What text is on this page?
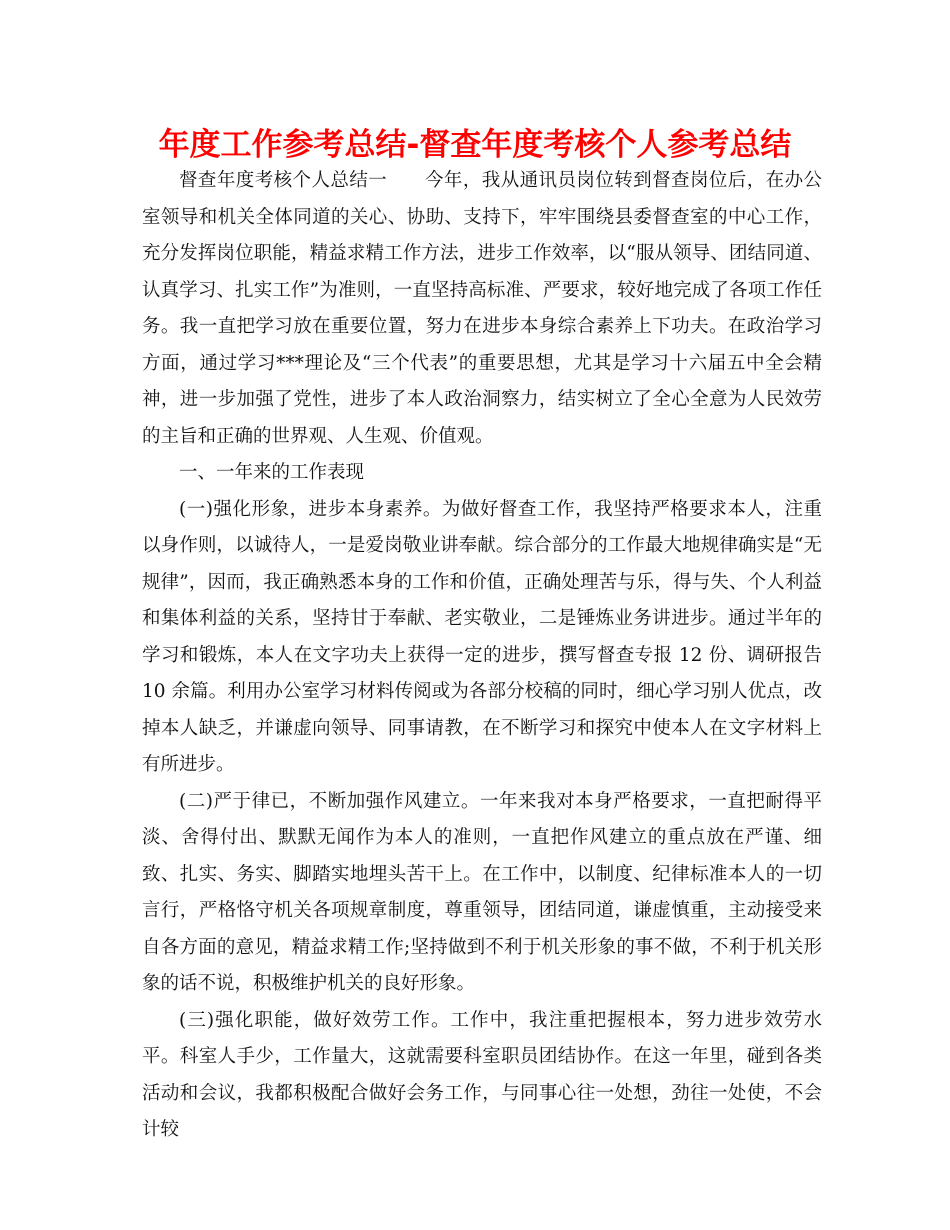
年度工作参考总结-督查年度考核个人参考总结

督查年度考核个人总结一　　今年，我从通讯员岗位转到督查岗位后，在办公室领导和机关全体同道的关心、协助、支持下，牢牢围绕县委督查室的中心工作，充分发挥岗位职能，精益求精工作方法，进步工作效率，以“服从领导、团结同道、认真学习、扎实工作”为准则，一直坚持高标准、严要求，较好地完成了各项工作任务。我一直把学习放在重要位置，努力在进步本身综合素养上下功夫。在政治学习方面，通过学习***理论及“三个代表”的重要思想，尤其是学习十六届五中全会精神，进一步加强了党性，进步了本人政治洞察力，结实树立了全心全意为人民效劳的主旨和正确的世界观、人生观、价值观。

一、一年来的工作表现

(一)强化形象，进步本身素养。为做好督查工作，我坚持严格要求本人，注重以身作则，以诚待人，一是爱岗敬业讲奉献。综合部分的工作最大地规律确实是“无规律”，因而，我正确熟悉本身的工作和价值，正确处理苦与乐，得与失、个人利益和集体利益的关系，坚持甘于奉献、老实敬业，二是锤炼业务讲进步。通过半年的学习和锻炼，本人在文字功夫上获得一定的进步，撰写督查专报 12 份、调研报告 10 余篇。利用办公室学习材料传阅或为各部分校稿的同时，细心学习别人优点，改掉本人缺乏，并谦虚向领导、同事请教，在不断学习和探究中使本人在文字材料上有所进步。

(二)严于律已，不断加强作风建立。一年来我对本身严格要求，一直把耐得平淡、舍得付出、默默无闻作为本人的准则，一直把作风建立的重点放在严谨、细致、扎实、务实、脚踏实地埋头苦干上。在工作中，以制度、纪律标准本人的一切言行，严格恪守机关各项规章制度，尊重领导，团结同道，谦虚慎重，主动接受来自各方面的意见，精益求精工作;坚持做到不利于机关形象的事不做，不利于机关形象的话不说，积极维护机关的良好形象。

(三)强化职能，做好效劳工作。工作中，我注重把握根本，努力进步效劳水平。科室人手少，工作量大，这就需要科室职员团结协作。在这一年里，碰到各类活动和会议，我都积极配合做好会务工作，与同事心往一处想，劲往一处使，不会计较
